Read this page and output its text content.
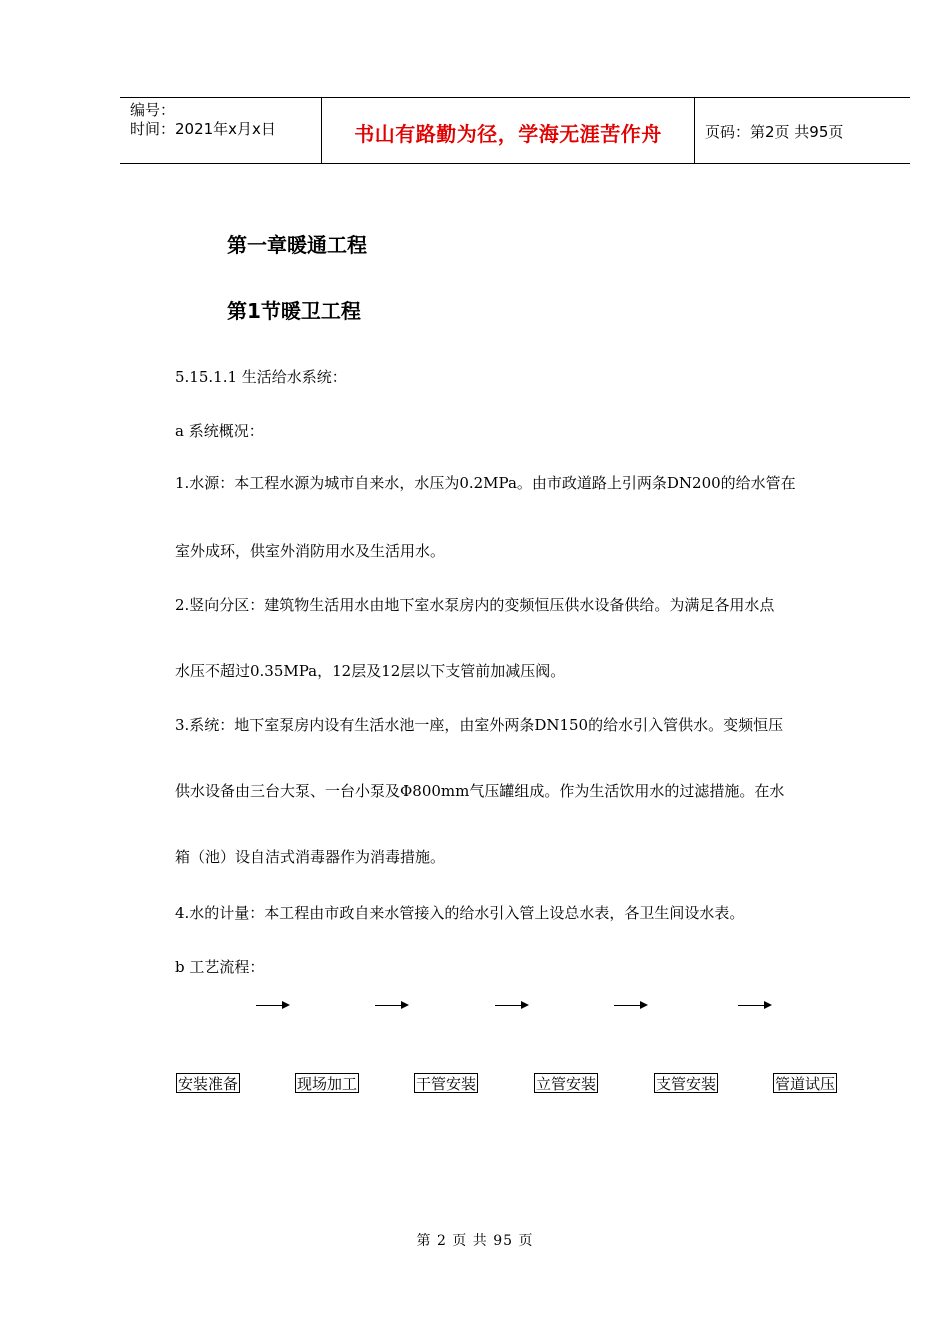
编号：
时间：2021年x月x日	书山有路勤为径，学海无涯苦作舟	页码：第2页 共95页
第一章暖通工程
第1节暖卫工程
5.15.1.1 生活给水系统：
a 系统概况：
1.水源：本工程水源为城市自来水，水压为0.2MPa。由市政道路上引两条DN200的给水管在
室外成环，供室外消防用水及生活用水。
2.竖向分区：建筑物生活用水由地下室水泵房内的变频恒压供水设备供给。为满足各用水点
水压不超过0.35MPa，12层及12层以下支管前加减压阀。
3.系统：地下室泵房内设有生活水池一座，由室外两条DN150的给水引入管供水。变频恒压
供水设备由三台大泵、一台小泵及Φ800mm气压罐组成。作为生活饮用水的过滤措施。在水
箱（池）设自洁式消毒器作为消毒措施。
4.水的计量：本工程由市政自来水管接入的给水引入管上设总水表，各卫生间设水表。
b 工艺流程：
安装准备	现场加工	干管安装	立管安装	支管安装	管道试压
第 2 页 共 95 页
